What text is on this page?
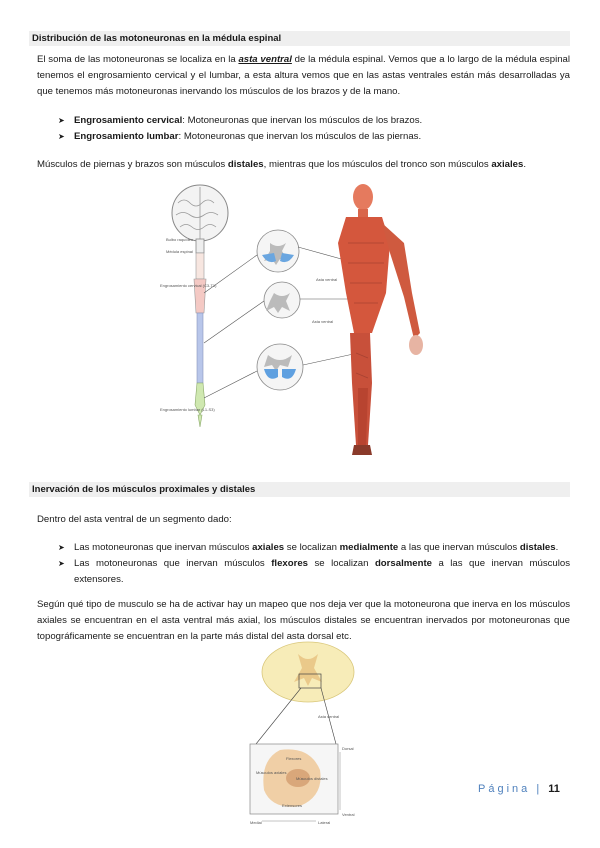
Distribución de las motoneuronas en la médula espinal
El soma de las motoneuronas se localiza en la asta ventral de la médula espinal. Vemos que a lo largo de la médula espinal tenemos el engrosamiento cervical y el lumbar, a esta altura vemos que en las astas ventrales están más desarrolladas ya que tenemos más motoneuronas inervando los músculos de los brazos y de la mano.
➤ Engrosamiento cervical: Motoneuronas que inervan los músculos de los brazos.
➤ Engrosamiento lumbar: Motoneuronas que inervan los músculos de las piernas.
Músculos de piernas y brazos son músculos distales, mientras que los músculos del tronco son músculos axiales.
Bulbo raquídeo
Médula espinal
Engrosamiento cervical (C3-T1)
Engrosamiento lumbar (L1-S3)
Asta ventral
Asta ventral
Inervación de los músculos proximales y distales
Dentro del asta ventral de un segmento dado:
➤ Las motoneuronas que inervan músculos axiales se localizan medialmente a las que inervan músculos distales.
➤ Las motoneuronas que inervan músculos flexores se localizan dorsalmente a las que inervan músculos extensores.
Según qué tipo de musculo se ha de activar hay un mapeo que nos deja ver que la motoneurona que inerva en los músculos axiales se encuentran en el asta ventral más axial, los músculos distales se encuentran inervados por motoneuronas que topográficamente se encuentran en la parte más distal del asta dorsal etc.
Asta ventral
Flexores
Músculos axiales
Músculos distales
Extensores
Dorsal
Ventral
Medial	Lateral
Página | 11
